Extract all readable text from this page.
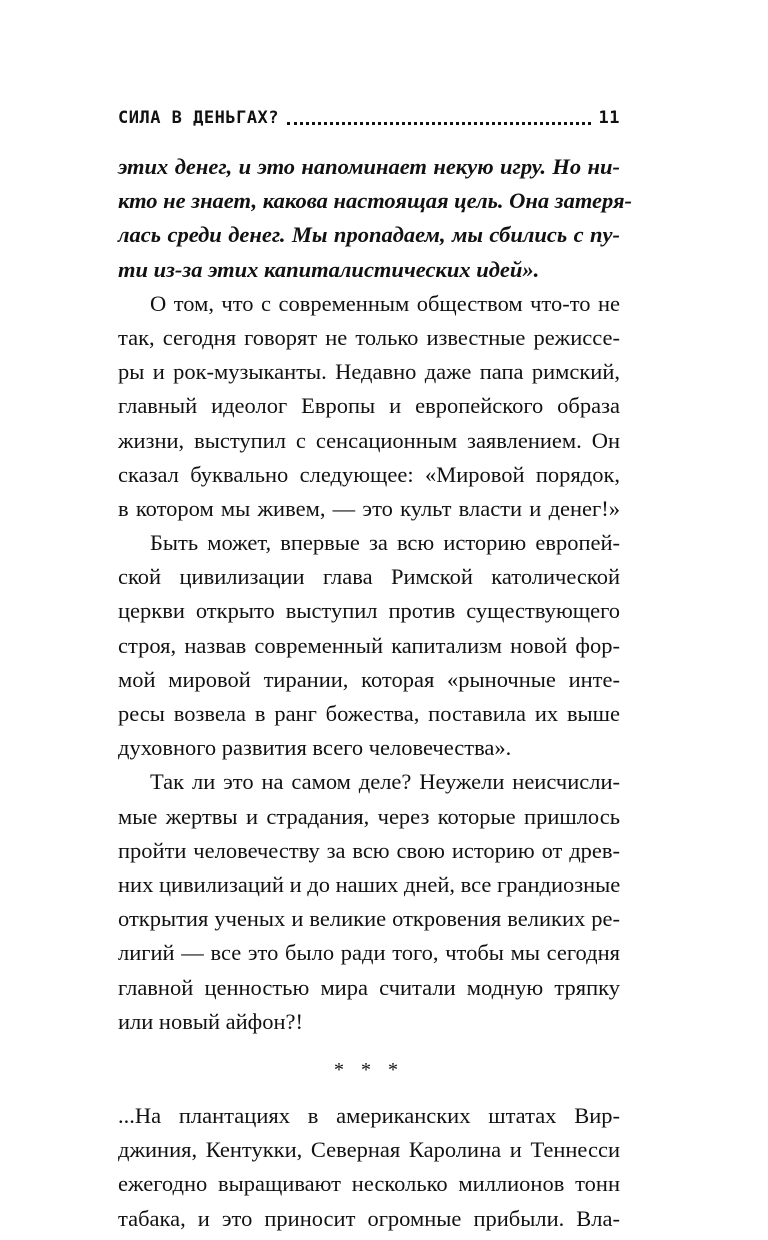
СИЛА В ДЕНЬГАХ?	11

этих денег, и это напоминает некую игру. Но ни-
кто не знает, какова настоящая цель. Она затеря-
лась среди денег. Мы пропадаем, мы сбились с пу-
ти из-за этих капиталистических идей».

О том, что с современным обществом что-то не
так, сегодня говорят не только известные режиссе-
ры и рок-музыканты. Недавно даже папа римский,
главный идеолог Европы и европейского образа
жизни, выступил с сенсационным заявлением. Он
сказал буквально следующее: «Мировой порядок,
в котором мы живем, — это культ власти и денег!»

Быть может, впервые за всю историю европей-
ской цивилизации глава Римской католической
церкви открыто выступил против существующего
строя, назвав современный капитализм новой фор-
мой мировой тирании, которая «рыночные инте-
ресы возвела в ранг божества, поставила их выше
духовного развития всего человечества».

Так ли это на самом деле? Неужели неисчисли-
мые жертвы и страдания, через которые пришлось
пройти человечеству за всю свою историю от древ-
них цивилизаций и до наших дней, все грандиозные
открытия ученых и великие откровения великих ре-
лигий — все это было ради того, чтобы мы сегодня
главной ценностью мира считали модную тряпку
или новый айфон?!

* * *

...На плантациях в американских штатах Вир-
джиния, Кентукки, Северная Каролина и Теннесси
ежегодно выращивают несколько миллионов тонн
табака, и это приносит огромные прибыли. Вла-
